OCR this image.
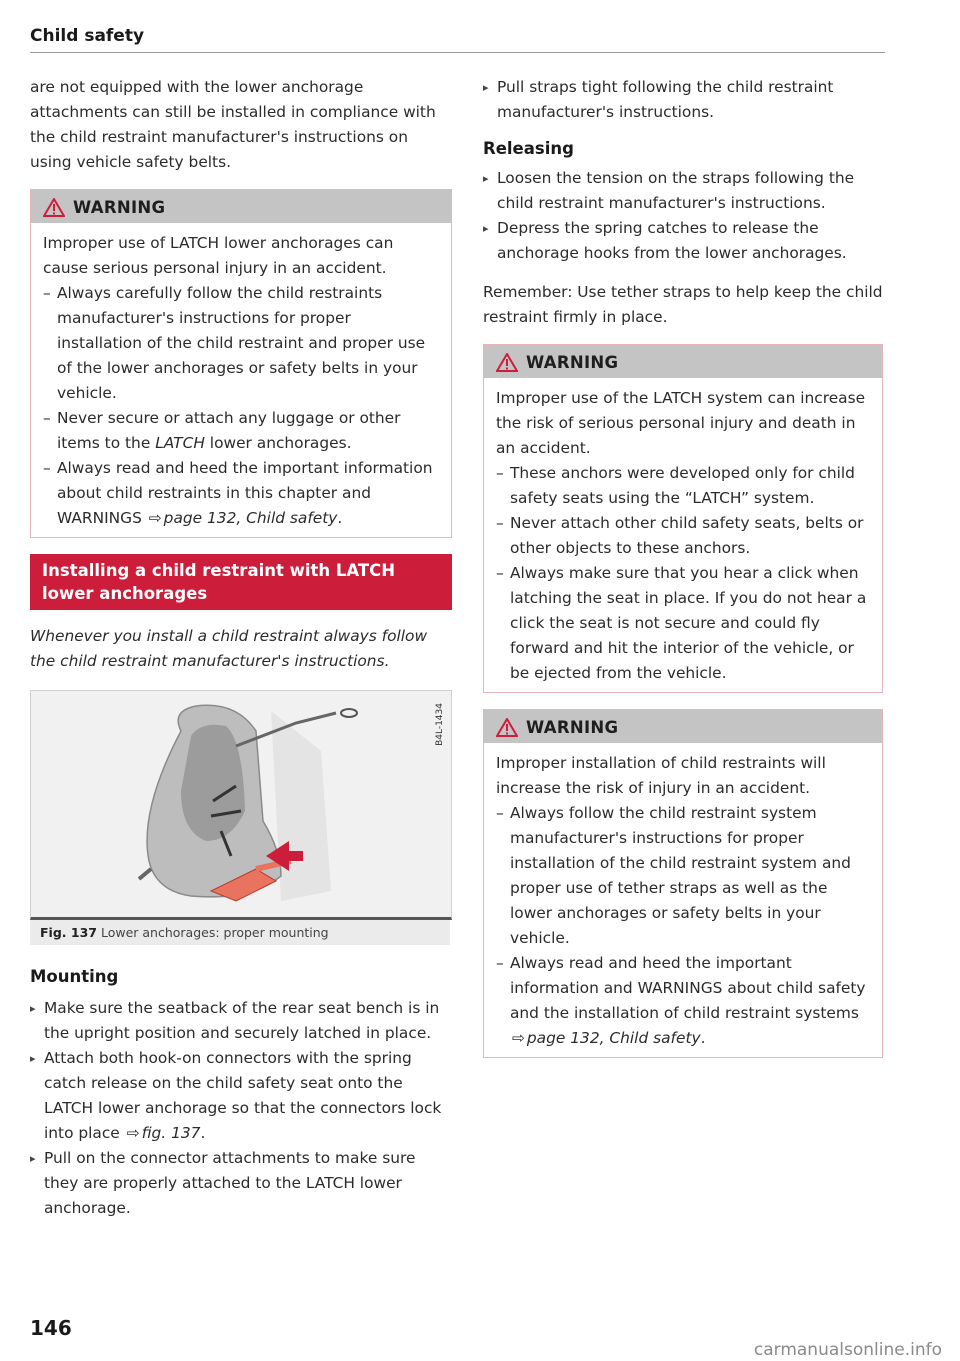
Child safety

are not equipped with the lower anchorage attachments can still be installed in compliance with the child restraint manufacturer's instructions on using vehicle safety belts.

WARNING

Improper use of LATCH lower anchorages can cause serious personal injury in an accident.

– Always carefully follow the child restraints manufacturer's instructions for proper installation of the child restraint and proper use of the lower anchorages or safety belts in your vehicle.
– Never secure or attach any luggage or other items to the LATCH lower anchorages.
– Always read and heed the important information about child restraints in this chapter and WARNINGS ⇨ page 132, Child safety.
Installing a child restraint with LATCH lower anchorages

Whenever you install a child restraint always follow the child restraint manufacturer's instructions.

B4L-1434
Fig. 137 Lower anchorages: proper mounting
Mounting
▸ Make sure the seatback of the rear seat bench is in the upright position and securely latched in place.
▸ Attach both hook-on connectors with the spring catch release on the child safety seat onto the LATCH lower anchorage so that the connectors lock into place ⇨ fig. 137.
▸ Pull on the connector attachments to make sure they are properly attached to the LATCH lower anchorage.
▸ Pull straps tight following the child restraint manufacturer's instructions.
Releasing
▸ Loosen the tension on the straps following the child restraint manufacturer's instructions.
▸ Depress the spring catches to release the anchorage hooks from the lower anchorages.

Remember: Use tether straps to help keep the child restraint firmly in place.

WARNING

Improper use of the LATCH system can increase the risk of serious personal injury and death in an accident.

– These anchors were developed only for child safety seats using the “LATCH” system.
– Never attach other child safety seats, belts or other objects to these anchors.
– Always make sure that you hear a click when latching the seat in place. If you do not hear a click the seat is not secure and could fly forward and hit the interior of the vehicle, or be ejected from the vehicle.
WARNING

Improper installation of child restraints will increase the risk of injury in an accident.

– Always follow the child restraint system manufacturer's instructions for proper installation of the child restraint system and proper use of tether straps as well as the lower anchorages or safety belts in your vehicle.
– Always read and heed the important information and WARNINGS about child safety and the installation of child restraint systems ⇨ page 132, Child safety.
146
carmanualsonline.info
